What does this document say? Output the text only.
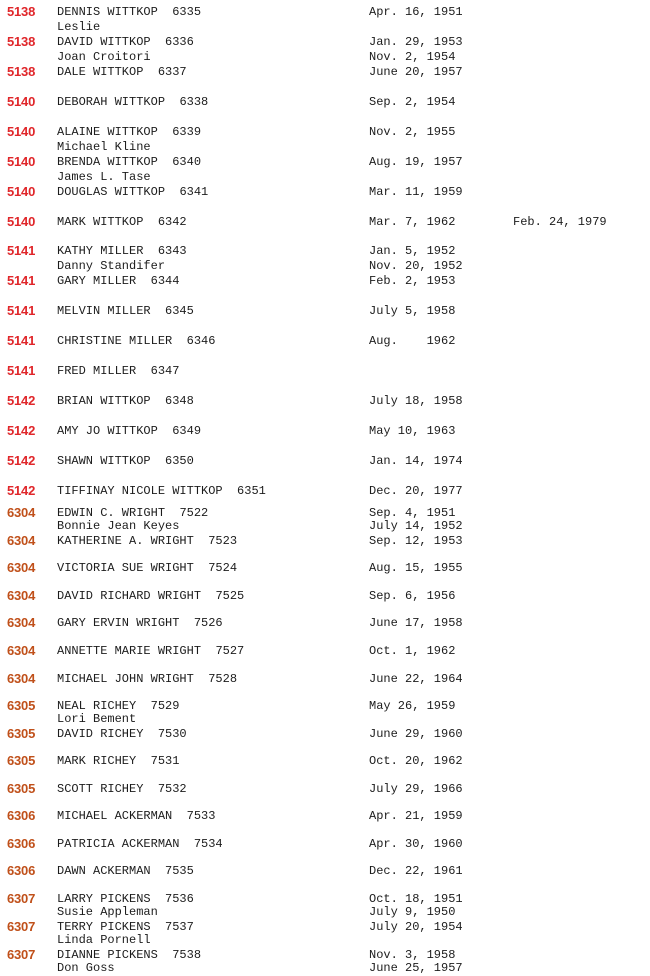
5138 DENNIS WITTKOP 6335	Apr. 16, 1951
Leslie
5138 DAVID WITTKOP 6336	Jan. 29, 1953
Joan Croitori	Nov. 2, 1954
5138 DALE WITTKOP 6337	June 20, 1957
5140 DEBORAH WITTKOP 6338	Sep. 2, 1954
5140 ALAINE WITTKOP 6339	Nov. 2, 1955
Michael Kline
5140 BRENDA WITTKOP 6340	Aug. 19, 1957
James L. Tase
5140 DOUGLAS WITTKOP 6341	Mar. 11, 1959
5140 MARK WITTKOP 6342	Mar. 7, 1962	Feb. 24, 1979
5141 KATHY MILLER 6343	Jan. 5, 1952
Danny Standifer	Nov. 20, 1952
5141 GARY MILLER 6344	Feb. 2, 1953
5141 MELVIN MILLER 6345	July 5, 1958
5141 CHRISTINE MILLER 6346	Aug.    1962
5141 FRED MILLER 6347
5142 BRIAN WITTKOP 6348	July 18, 1958
5142 AMY JO WITTKOP 6349	May 10, 1963
5142 SHAWN WITTKOP 6350	Jan. 14, 1974
5142 TIFFINAY NICOLE WITTKOP 6351	Dec. 20, 1977
6304 EDWIN C. WRIGHT 7522	Sep. 4, 1951
Bonnie Jean Keyes	July 14, 1952
6304 KATHERINE A. WRIGHT 7523	Sep. 12, 1953
6304 VICTORIA SUE WRIGHT 7524	Aug. 15, 1955
6304 DAVID RICHARD WRIGHT 7525	Sep. 6, 1956
6304 GARY ERVIN WRIGHT 7526	June 17, 1958
6304 ANNETTE MARIE WRIGHT 7527	Oct. 1, 1962
6304 MICHAEL JOHN WRIGHT 7528	June 22, 1964
6305 NEAL RICHEY 7529	May 26, 1959
Lori Bement
6305 DAVID RICHEY 7530	June 29, 1960
6305 MARK RICHEY 7531	Oct. 20, 1962
6305 SCOTT RICHEY 7532	July 29, 1966
6306 MICHAEL ACKERMAN 7533	Apr. 21, 1959
6306 PATRICIA ACKERMAN 7534	Apr. 30, 1960
6306 DAWN ACKERMAN 7535	Dec. 22, 1961
6307 LARRY PICKENS 7536	Oct. 18, 1951
Susie Appleman	July 9, 1950
6307 TERRY PICKENS 7537	July 20, 1954
Linda Pornell
6307 DIANNE PICKENS 7538	Nov. 3, 1958
Don Goss	June 25, 1957
